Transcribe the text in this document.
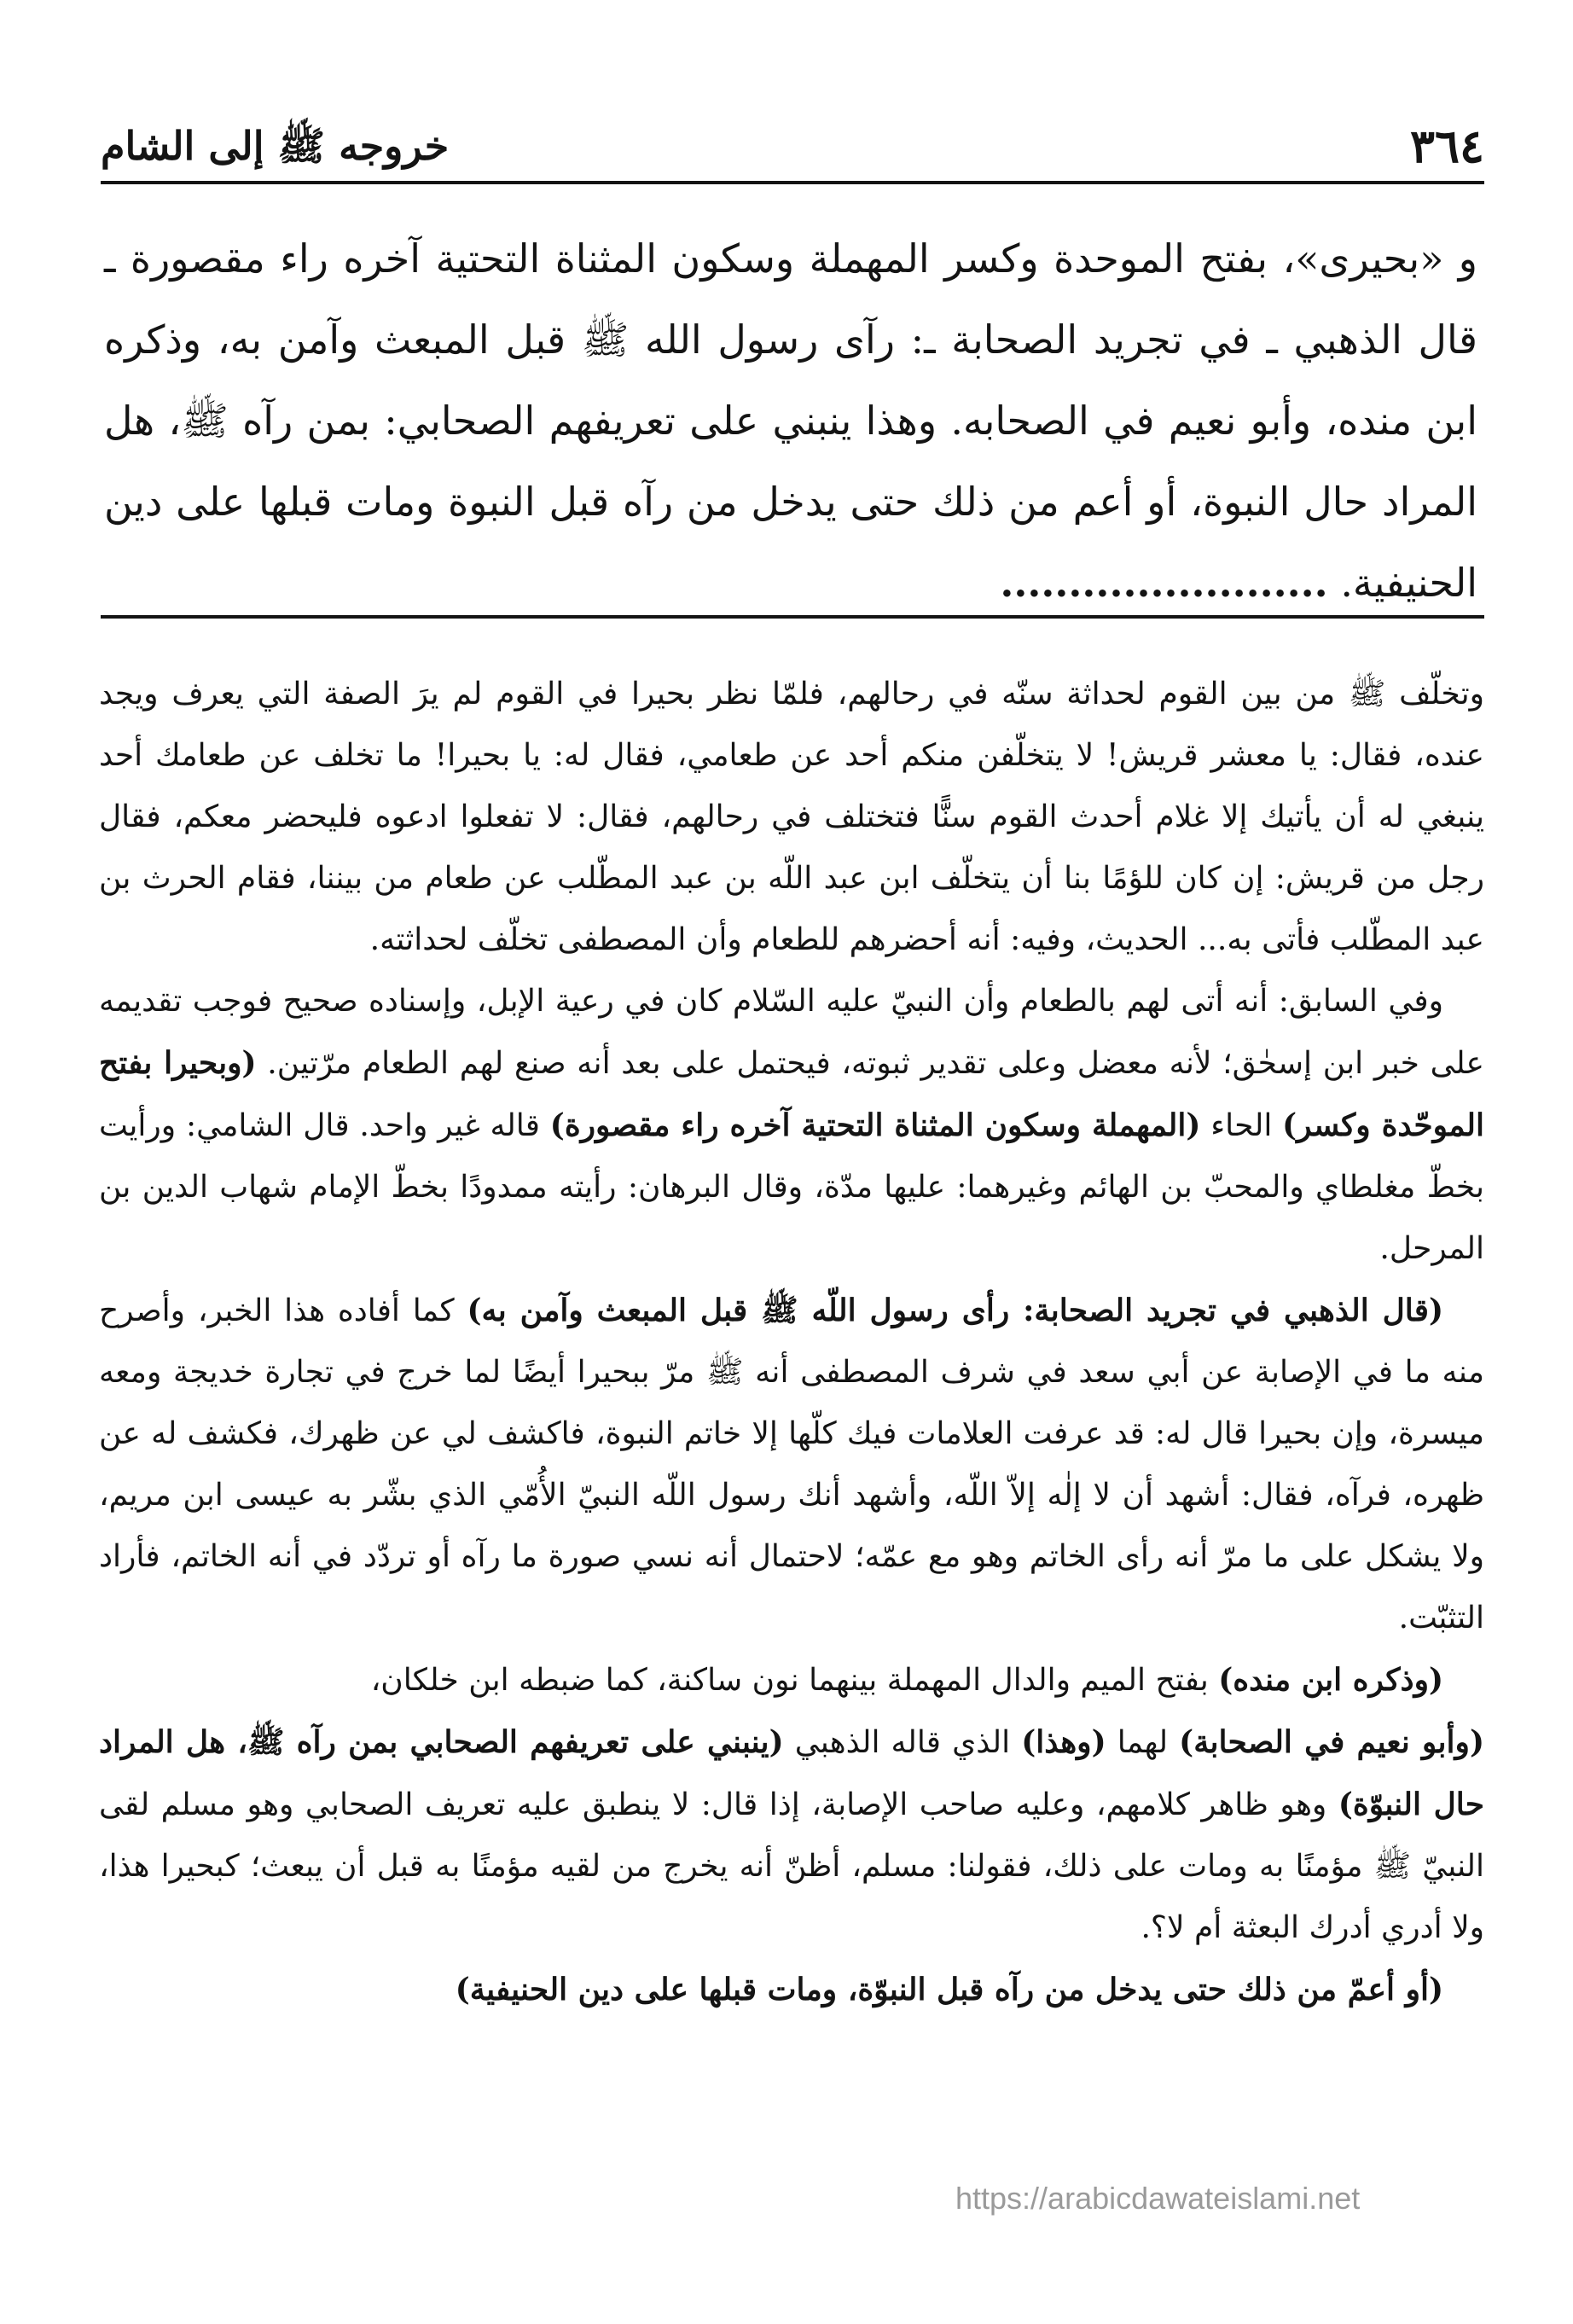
٣٦٤
خروجه ﷺ إلى الشام

و «بحيرى»، بفتح الموحدة وكسر المهملة وسكون المثناة التحتية آخره راء مقصورة ـ قال الذهبي ـ في تجريد الصحابة ـ: رآى رسول الله ﷺ قبل المبعث وآمن به، وذكره ابن منده، وأبو نعيم في الصحابه. وهذا ينبني على تعريفهم الصحابي: بمن رآه ﷺ، هل المراد حال النبوة، أو أعم من ذلك حتى يدخل من رآه قبل النبوة ومات قبلها على دين الحنيفية. ........................

وتخلّف ﷺ من بين القوم لحداثة سنّه في رحالهم، فلمّا نظر بحيرا في القوم لم يرَ الصفة التي يعرف ويجد عنده، فقال: يا معشر قريش! لا يتخلّفن منكم أحد عن طعامي، فقال له: يا بحيرا! ما تخلف عن طعامك أحد ينبغي له أن يأتيك إلا غلام أحدث القوم سنًّا فتختلف في رحالهم، فقال: لا تفعلوا ادعوه فليحضر معكم، فقال رجل من قريش: إن كان للؤمًا بنا أن يتخلّف ابن عبد اللّه بن عبد المطّلب عن طعام من بيننا، فقام الحرث بن عبد المطّلب فأتى به... الحديث، وفيه: أنه أحضرهم للطعام وأن المصطفى تخلّف لحداثته.

وفي السابق: أنه أتى لهم بالطعام وأن النبيّ عليه السّلام كان في رعية الإبل، وإسناده صحيح فوجب تقديمه على خبر ابن إسحٰق؛ لأنه معضل وعلى تقدير ثبوته، فيحتمل على بعد أنه صنع لهم الطعام مرّتين. (وبحيرا بفتح الموحّدة وكسر) الحاء (المهملة وسكون المثناة التحتية آخره راء مقصورة) قاله غير واحد. قال الشامي: ورأيت بخطّ مغلطاي والمحبّ بن الهائم وغيرهما: عليها مدّة، وقال البرهان: رأيته ممدودًا بخطّ الإمام شهاب الدين بن المرحل.

(قال الذهبي في تجريد الصحابة: رأى رسول اللّه ﷺ قبل المبعث وآمن به) كما أفاده هذا الخبر، وأصرح منه ما في الإصابة عن أبي سعد في شرف المصطفى أنه ﷺ مرّ ببحيرا أيضًا لما خرج في تجارة خديجة ومعه ميسرة، وإن بحيرا قال له: قد عرفت العلامات فيك كلّها إلا خاتم النبوة، فاكشف لي عن ظهرك، فكشف له عن ظهره، فرآه، فقال: أشهد أن لا إلٰه إلاّ اللّه، وأشهد أنك رسول اللّه النبيّ الأُمّي الذي بشّر به عيسى ابن مريم، ولا يشكل على ما مرّ أنه رأى الخاتم وهو مع عمّه؛ لاحتمال أنه نسي صورة ما رآه أو تردّد في أنه الخاتم، فأراد التثبّت.

(وذكره ابن منده) بفتح الميم والدال المهملة بينهما نون ساكنة، كما ضبطه ابن خلكان،
(وأبو نعيم في الصحابة) لهما (وهذا) الذي قاله الذهبي (ينبني على تعريفهم الصحابي بمن رآه ﷺ، هل المراد حال النبوّة) وهو ظاهر كلامهم، وعليه صاحب الإصابة، إذا قال: لا ينطبق عليه تعريف الصحابي وهو مسلم لقى النبيّ ﷺ مؤمنًا به ومات على ذلك، فقولنا: مسلم، أظنّ أنه يخرج من لقيه مؤمنًا به قبل أن يبعث؛ كبحيرا هذا، ولا أدري أدرك البعثة أم لا؟.

(أو أعمّ من ذلك حتى يدخل من رآه قبل النبوّة، ومات قبلها على دين الحنيفية)

https://arabicdawateislami.net
